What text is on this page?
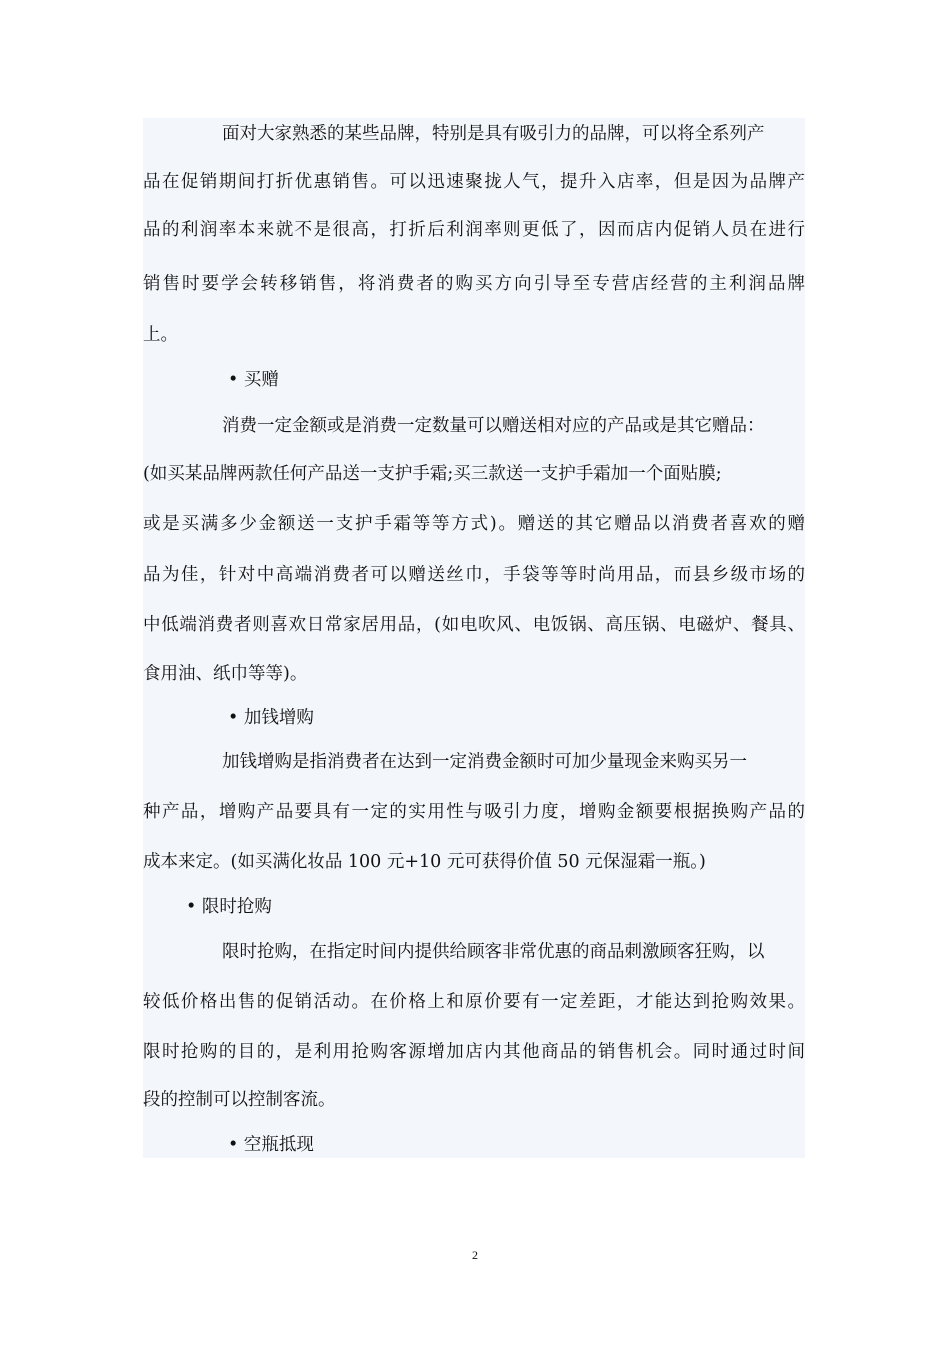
面对大家熟悉的某些品牌，特别是具有吸引力的品牌，可以将全系列产
品在促销期间打折优惠销售。可以迅速聚拢人气，提升入店率，但是因为品牌产
品的利润率本来就不是很高，打折后利润率则更低了，因而店内促销人员在进行
销售时要学会转移销售，将消费者的购买方向引导至专营店经营的主利润品牌
上。
• 买赠
消费一定金额或是消费一定数量可以赠送相对应的产品或是其它赠品：
(如买某品牌两款任何产品送一支护手霜;买三款送一支护手霜加一个面贴膜;
或是买满多少金额送一支护手霜等等方式)。赠送的其它赠品以消费者喜欢的赠
品为佳，针对中高端消费者可以赠送丝巾，手袋等等时尚用品，而县乡级市场的
中低端消费者则喜欢日常家居用品，(如电吹风、电饭锅、高压锅、电磁炉、餐具、
食用油、纸巾等等)。
• 加钱增购
加钱增购是指消费者在达到一定消费金额时可加少量现金来购买另一
种产品，增购产品要具有一定的实用性与吸引力度，增购金额要根据换购产品的
成本来定。(如买满化妆品 100 元+10 元可获得价值 50 元保湿霜一瓶。)
• 限时抢购
限时抢购，在指定时间内提供给顾客非常优惠的商品刺激顾客狂购，以
较低价格出售的促销活动。在价格上和原价要有一定差距，才能达到抢购效果。
限时抢购的目的，是利用抢购客源增加店内其他商品的销售机会。同时通过时间
段的控制可以控制客流。
• 空瓶抵现
2
